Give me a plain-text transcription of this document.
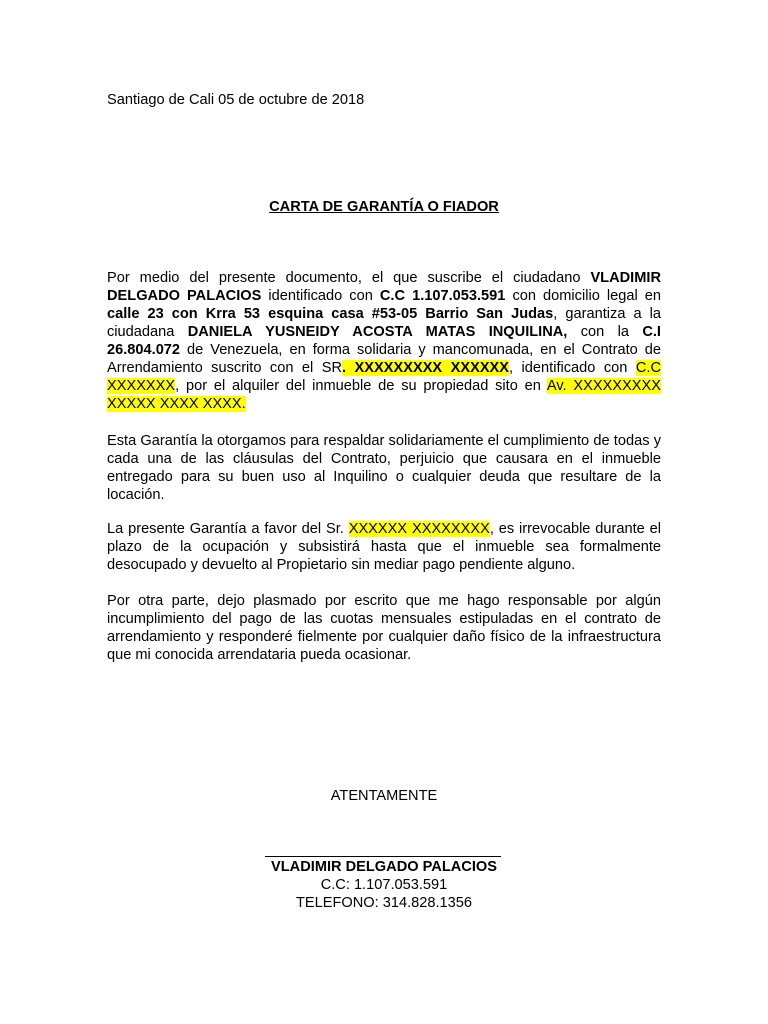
Santiago de Cali 05 de octubre de 2018
CARTA DE GARANTÍA O FIADOR
Por medio del presente documento, el que suscribe el ciudadano VLADIMIR DELGADO PALACIOS identificado con C.C 1.107.053.591 con domicilio legal en calle 23 con Krra 53 esquina casa #53-05 Barrio San Judas, garantiza a la ciudadana DANIELA YUSNEIDY ACOSTA MATAS INQUILINA, con la C.I 26.804.072 de Venezuela, en forma solidaria y mancomunada, en el Contrato de Arrendamiento suscrito con el SR. XXXXXXXXX XXXXXX, identificado con C.C XXXXXXX, por el alquiler del inmueble de su propiedad sito en Av. XXXXXXXXX XXXXX XXXX XXXX.
Esta Garantía la otorgamos para respaldar solidariamente el cumplimiento de todas y cada una de las cláusulas del Contrato, perjuicio que causara en el inmueble entregado para su buen uso al Inquilino o cualquier deuda que resultare de la locación.
La presente Garantía a favor del Sr. XXXXXX XXXXXXXX, es irrevocable durante el plazo de la ocupación y subsistirá hasta que el inmueble sea formalmente desocupado y devuelto al Propietario sin mediar pago pendiente alguno.
Por otra parte, dejo plasmado por escrito que me hago responsable por algún incumplimiento del pago de las cuotas mensuales estipuladas en el contrato de arrendamiento y responderé fielmente por cualquier daño físico de la infraestructura que mi conocida arrendataria pueda ocasionar.
ATENTAMENTE
VLADIMIR DELGADO PALACIOS
C.C: 1.107.053.591
TELEFONO: 314.828.1356
